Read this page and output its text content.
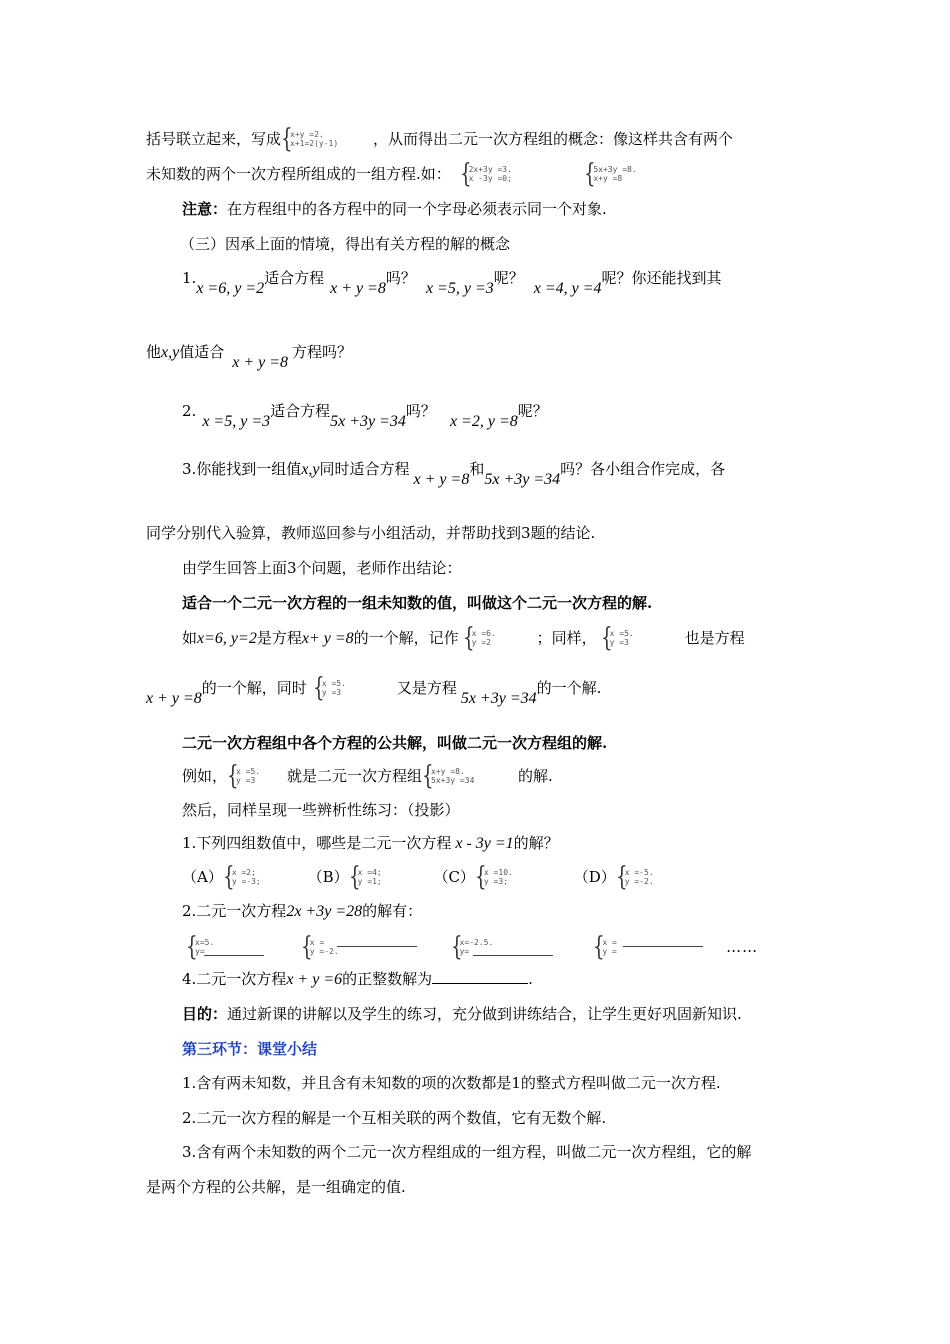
括号联立起来，写成 {
x+y =2.
x+1=2(y-1) ，从而得出二元一次方程组的概念：像这样共含有两个
未知数的两个一次方程所组成的一组方程.如： {
2x+3y =3.
x -3y =0;
	{
5x+3y =8.
x+y =8
注意：在方程组中的各方程中的同一个字母必须表示同一个对象.
（三）因承上面的情境，得出有关方程的解的概念
1.x =6, y =2适合方程x + y =8吗？x =5, y =3呢？x =4, y =4呢？你还能找到其
他x,y值适合x + y =8方程吗？
2.x =5, y =3适合方程5x +3y =34吗？x =2, y =8呢？
3.你能找到一组值x,y同时适合方程x + y =8和5x +3y =34吗？各小组合作完成，各
同学分别代入验算，教师巡回参与小组活动，并帮助找到3题的结论.
由学生回答上面3个问题，老师作出结论：
适合一个二元一次方程的一组未知数的值，叫做这个二元一次方程的解.
如x=6, y=2是方程x+ y =8的一个解，记作 {
x =6.
y =2	；同样， {
x =5.
y =3	也是方程
x + y =8的一个解，同时 {
x =5.
y =3	又是方程5x +3y =34的一个解.
二元一次方程组中各个方程的公共解，叫做二元一次方程组的解.
例如， {
x =5.
y =3	就是二元一次方程组 {
x+y =8.
5x+3y =34	的解.
然后，同样呈现一些辨析性练习：（投影）
1.下列四组数值中，哪些是二元一次方程 x - 3y =1的解？
（A） {
x =2;
y =-3;	（B） {
x =4;
y =1;	（C） {
x =10.
y =3;	（D） {
x =-5.
y =-2.
2.二元一次方程2x +3y =28的解有：
{
x=5.
y=
	{
x =
y =-2.
	{
x=-2.5.
y=
	{
x =
y =	……
4.二元一次方程x + y =6的正整数解为	.
目的：通过新课的讲解以及学生的练习，充分做到讲练结合，让学生更好巩固新知识.
第三环节：课堂小结
1.含有两未知数，并且含有未知数的项的次数都是1的整式方程叫做二元一次方程.
2.二元一次方程的解是一个互相关联的两个数值，它有无数个解.
3.含有两个未知数的两个二元一次方程组成的一组方程，叫做二元一次方程组，它的解
是两个方程的公共解，是一组确定的值.
